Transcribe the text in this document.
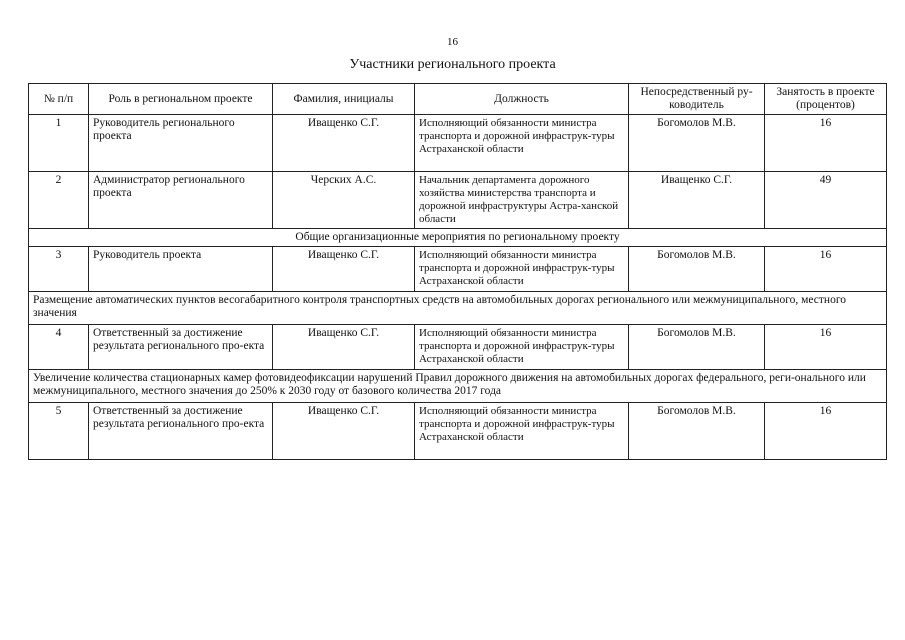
16
Участники регионального проекта
№ п/п	Роль в региональном проекте	Фамилия, инициалы	Должность	Непосредственный ру-ководитель	Занятость в проекте (процентов)
1	Руководитель регионального проекта	Иващенко С.Г.	Исполняющий обязанности министра транспорта и дорожной инфраструк-туры Астраханской области	Богомолов М.В.	16
2	Администратор регионального проекта	Черских А.С.	Начальник департамента дорожного хозяйства министерства транспорта и дорожной инфраструктуры Астра-ханской области	Иващенко С.Г.	49
Общие организационные мероприятия по региональному проекту					
3	Руководитель проекта	Иващенко С.Г.	Исполняющий обязанности министра транспорта и дорожной инфраструк-туры Астраханской области	Богомолов М.В.	16
Размещение автоматических пунктов весогабаритного контроля транспортных средств на автомобильных дорогах регионального или межмуниципального, местного значения					
4	Ответственный за достижение результата регионального про-екта	Иващенко С.Г.	Исполняющий обязанности министра транспорта и дорожной инфраструк-туры Астраханской области	Богомолов М.В.	16
Увеличение количества стационарных камер фотовидеофиксации нарушений Правил дорожного движения на автомобильных дорогах федерального, реги-онального или межмуниципального, местного значения до 250% к 2030 году от базового количества 2017 года					
5	Ответственный за достижение результата регионального про-екта	Иващенко С.Г.	Исполняющий обязанности министра транспорта и дорожной инфраструк-туры Астраханской области	Богомолов М.В.	16
